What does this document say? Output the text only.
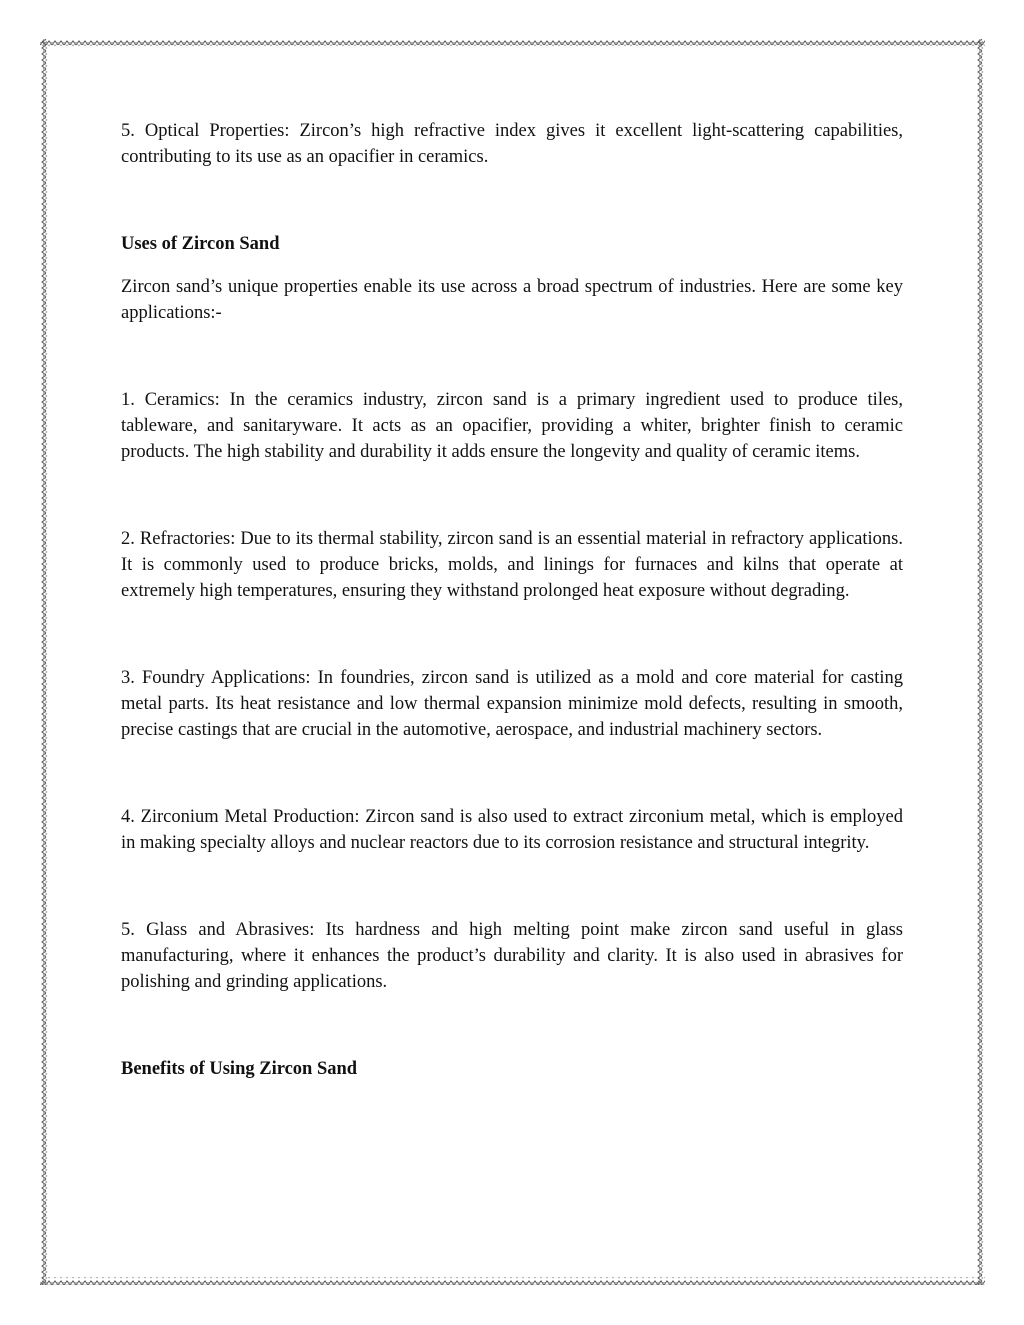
5. Optical Properties: Zircon’s high refractive index gives it excellent light-scattering capabilities, contributing to its use as an opacifier in ceramics.

Uses of Zircon Sand

Zircon sand’s unique properties enable its use across a broad spectrum of industries. Here are some key applications:-

1. Ceramics: In the ceramics industry, zircon sand is a primary ingredient used to produce tiles, tableware, and sanitaryware. It acts as an opacifier, providing a whiter, brighter finish to ceramic products. The high stability and durability it adds ensure the longevity and quality of ceramic items.

2. Refractories: Due to its thermal stability, zircon sand is an essential material in refractory applications. It is commonly used to produce bricks, molds, and linings for furnaces and kilns that operate at extremely high temperatures, ensuring they withstand prolonged heat exposure without degrading.

3. Foundry Applications: In foundries, zircon sand is utilized as a mold and core material for casting metal parts. Its heat resistance and low thermal expansion minimize mold defects, resulting in smooth, precise castings that are crucial in the automotive, aerospace, and industrial machinery sectors.

4. Zirconium Metal Production: Zircon sand is also used to extract zirconium metal, which is employed in making specialty alloys and nuclear reactors due to its corrosion resistance and structural integrity.

5. Glass and Abrasives: Its hardness and high melting point make zircon sand useful in glass manufacturing, where it enhances the product’s durability and clarity. It is also used in abrasives for polishing and grinding applications.

Benefits of Using Zircon Sand
